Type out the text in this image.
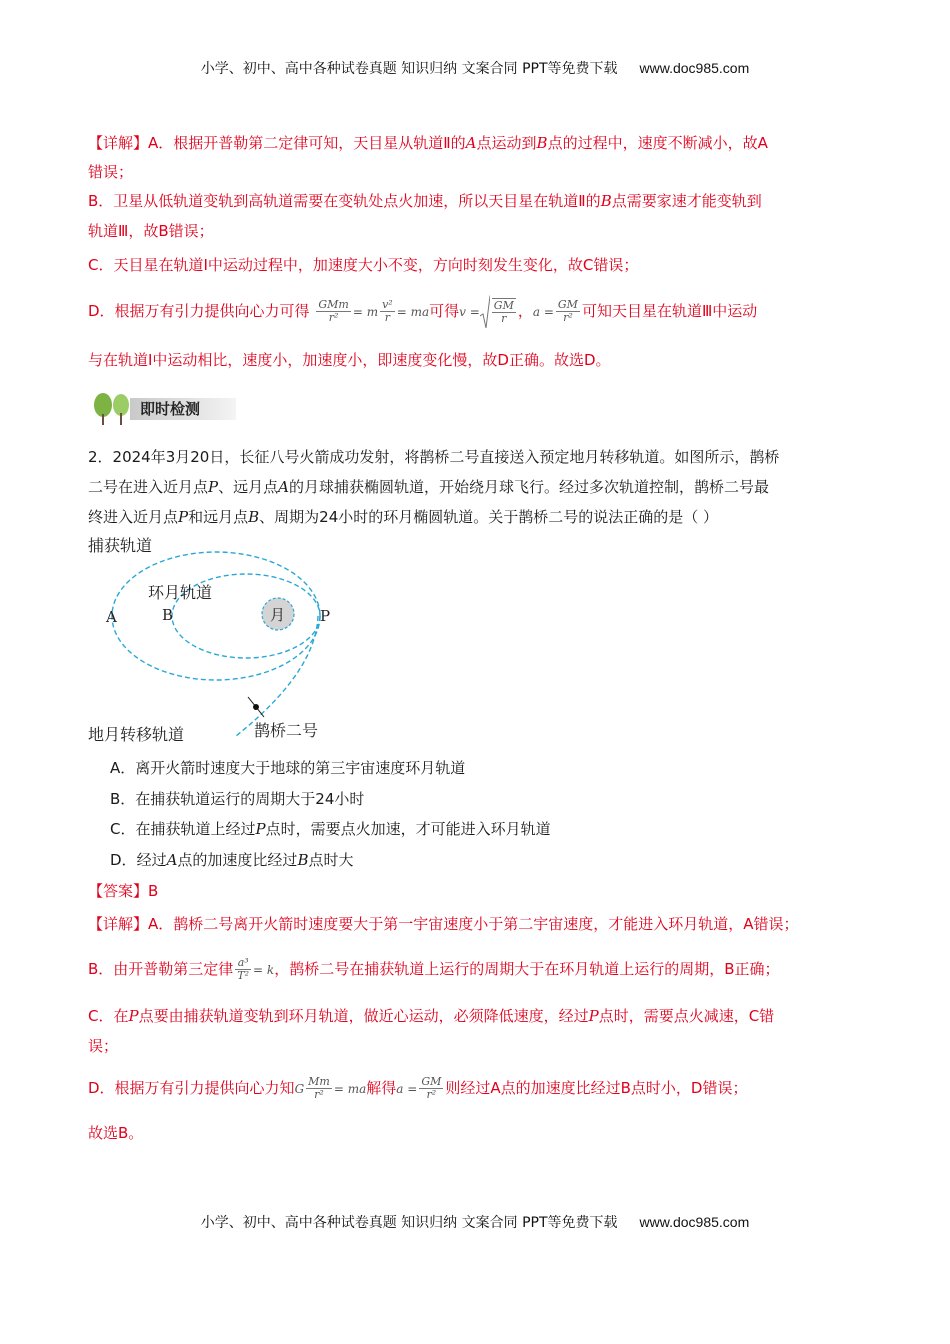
小学、初中、高中各种试卷真题 知识归纳 文案合同 PPT等免费下载 www.doc985.com
【详解】A．根据开普勒第二定律可知，天目星从轨道Ⅱ的A点运动到B点的过程中，速度不断减小，故A
错误；
B．卫星从低轨道变轨到高轨道需要在变轨处点火加速，所以天目星在轨道Ⅱ的B点需要家速才能变轨到
轨道Ⅲ，故B错误；
C．天目星在轨道Ⅰ中运动过程中，加速度大小不变，方向时刻发生变化，故C错误；
D．根据万有引力提供向心力可得 $\frac{\text{GMm}}{\text{r²}} = m \frac{\text{v²}}{r}$ = ma可得$v = \frac{GM}{r}$ ，$a = \frac{GM}{\text{r²}}$ 可知天目星在轨道Ⅲ中运动
与在轨道Ⅰ中运动相比，速度小，加速度小，即速度变化慢，故D正确。故选D。
即时检测
2．2024年3月20日，长征八号火箭成功发射，将鹊桥二号直接送入预定地月转移轨道。如图所示，鹊桥
二号在进入近月点P、远月点A的月球捕获椭圆轨道，开始绕月球飞行。经过多次轨道控制，鹊桥二号最
终进入近月点P和远月点B、周期为24小时的环月椭圆轨道。关于鹊桥二号的说法正确的是（ ）
捕获轨道
环月轨道
月
A	B	P
地月转移轨道	鹊桥二号
A．离开火箭时速度大于地球的第三宇宙速度环月轨道
B．在捕获轨道运行的周期大于24小时
C．在捕获轨道上经过P点时，需要点火加速，才可能进入环月轨道
D．经过A点的加速度比经过B点时大
【答案】B
【详解】A．鹊桥二号离开火箭时速度要大于第一宇宙速度小于第二宇宙速度，才能进入环月轨道，A错误；
B．由开普勒第三定律 $\frac{\text{a³}}{\text{T²}} = k$，鹊桥二号在捕获轨道上运行的周期大于在环月轨道上运行的周期，B正确；
C．在P点要由捕获轨道变轨到环月轨道，做近心运动，必须降低速度，经过P点时，需要点火减速，C错
误；
D．根据万有引力提供向心力知G $\frac{Mm}{\text{r²}}$ = ma解得$a = \frac{GM}{\text{r²}}$ 则经过A点的加速度比经过B点时小，D错误；
故选B。
小学、初中、高中各种试卷真题 知识归纳 文案合同 PPT等免费下载 www.doc985.com
